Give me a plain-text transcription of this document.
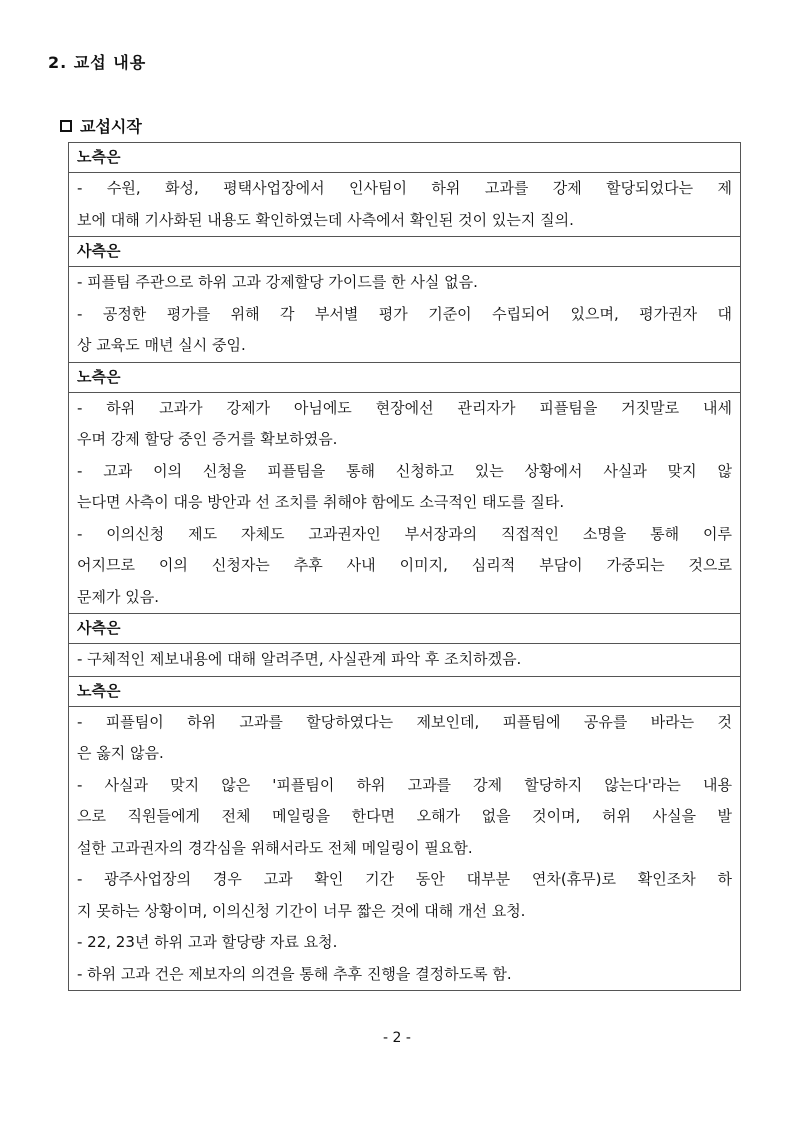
2. 교섭 내용
교섭시작
노측은

- 수원, 화성, 평택사업장에서 인사팀이 하위 고과를 강제 할당되었다는 제
보에 대해 기사화된 내용도 확인하였는데 사측에서 확인된 것이 있는지 질의.

사측은

- 피플팀 주관으로 하위 고과 강제할당 가이드를 한 사실 없음.
- 공정한 평가를 위해 각 부서별 평가 기준이 수립되어 있으며, 평가권자 대
상 교육도 매년 실시 중임.

노측은

- 하위 고과가 강제가 아님에도 현장에선 관리자가 피플팀을 거짓말로 내세
우며 강제 할당 중인 증거를 확보하였음.
- 고과 이의 신청을 피플팀을 통해 신청하고 있는 상황에서 사실과 맞지 않
는다면 사측이 대응 방안과 선 조치를 취해야 함에도 소극적인 태도를 질타.
- 이의신청 제도 자체도 고과권자인 부서장과의 직접적인 소명을 통해 이루
어지므로 이의 신청자는 추후 사내 이미지, 심리적 부담이 가중되는 것으로
문제가 있음.

사측은

- 구체적인 제보내용에 대해 알려주면, 사실관계 파악 후 조치하겠음.

노측은

- 피플팀이 하위 고과를 할당하였다는 제보인데, 피플팀에 공유를 바라는 것
은 옳지 않음.
- 사실과 맞지 않은 '피플팀이 하위 고과를 강제 할당하지 않는다'라는 내용
으로 직원들에게 전체 메일링을 한다면 오해가 없을 것이며, 허위 사실을 발
설한 고과권자의 경각심을 위해서라도 전체 메일링이 필요함.
- 광주사업장의 경우 고과 확인 기간 동안 대부분 연차(휴무)로 확인조차 하
지 못하는 상황이며, 이의신청 기간이 너무 짧은 것에 대해 개선 요청.
- 22, 23년 하위 고과 할당량 자료 요청.
- 하위 고과 건은 제보자의 의견을 통해 추후 진행을 결정하도록 함.
- 2 -
